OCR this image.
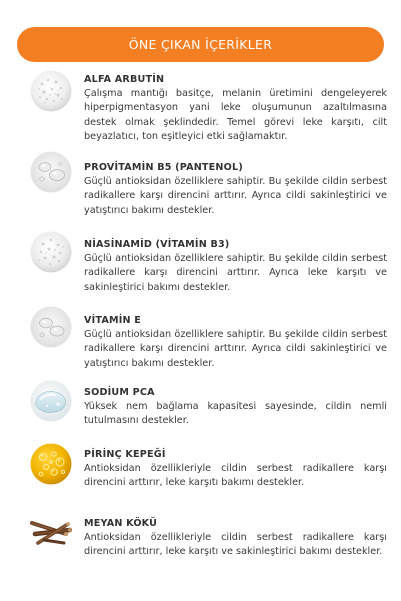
ÖNE ÇIKAN İÇERİKLER
ALFA ARBUTİN
Çalışma mantığı basitçe, melanin üretimini dengeleyerek hiperpigmentasyon yani leke oluşumunun azaltılmasına destek olmak şeklindedir. Temel görevi leke karşıtı, cilt beyazlatıcı, ton eşitleyici etki sağlamaktır.
PROVİTAMİN B5 (PANTENOL)
Güçlü antioksidan özelliklere sahiptir. Bu şekilde cildin serbest radikallere karşı direncini arttırır. Ayrıca cildi sakinleştirici ve yatıştırıcı bakımı destekler.
NİASİNAMİD (VİTAMİN B3)
Güçlü antioksidan özelliklere sahiptir. Bu şekilde cildin serbest radikallere karşı direncini arttırır. Ayrıca leke karşıtı ve sakinleştirici bakımı destekler.
VİTAMİN E
Güçlü antioksidan özelliklere sahiptir. Bu şekilde cildin serbest radikallere karşı direncini arttırır. Ayrıca cildi sakinleştirici ve yatıştırıcı bakımı destekler.
SODİUM PCA
Yüksek nem bağlama kapasitesi sayesinde, cildin nemli tutulmasını destekler.
PİRİNÇ KEPEĞİ
Antioksidan özellikleriyle cildin serbest radikallere karşı direncini arttırır, leke karşıtı bakımı destekler.
MEYAN KÖKÜ
Antioksidan özellikleriyle cildin serbest radikallere karşı direncini arttırır, leke karşıtı ve sakinleştirici bakımı destekler.
